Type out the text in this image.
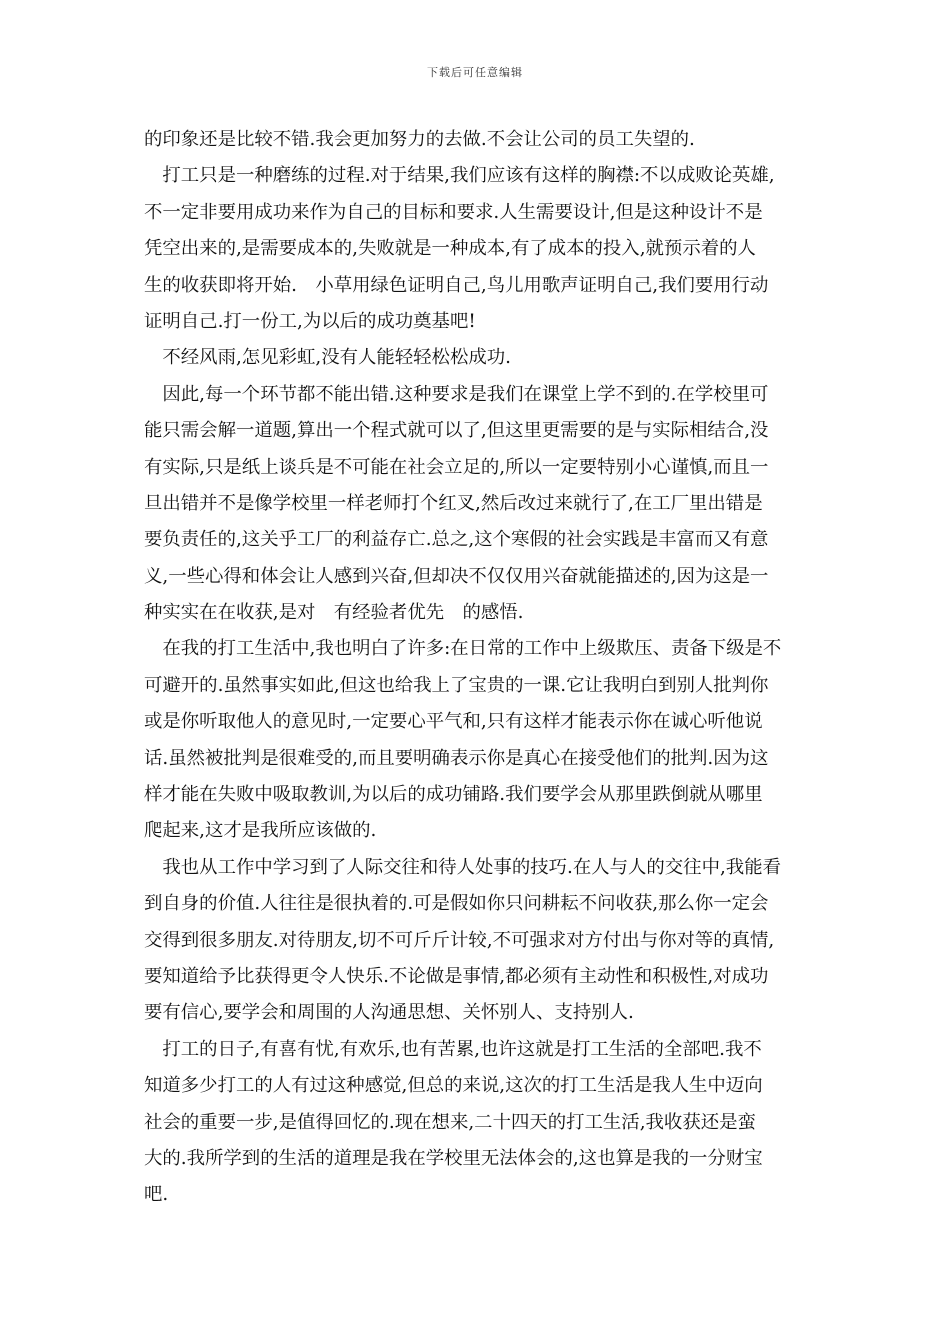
下载后可任意编辑
的印象还是比较不错.我会更加努力的去做.不会让公司的员工失望的.
　打工只是一种磨练的过程.对于结果,我们应该有这样的胸襟:不以成败论英雄,
不一定非要用成功来作为自己的目标和要求.人生需要设计,但是这种设计不是
凭空出来的,是需要成本的,失败就是一种成本,有了成本的投入,就预示着的人
生的收获即将开始.　小草用绿色证明自己,鸟儿用歌声证明自己,我们要用行动
证明自己.打一份工,为以后的成功奠基吧!
　不经风雨,怎见彩虹,没有人能轻轻松松成功.
　因此,每一个环节都不能出错.这种要求是我们在课堂上学不到的.在学校里可
能只需会解一道题,算出一个程式就可以了,但这里更需要的是与实际相结合,没
有实际,只是纸上谈兵是不可能在社会立足的,所以一定要特别小心谨慎,而且一
旦出错并不是像学校里一样老师打个红叉,然后改过来就行了,在工厂里出错是
要负责任的,这关乎工厂的利益存亡.总之,这个寒假的社会实践是丰富而又有意
义,一些心得和体会让人感到兴奋,但却决不仅仅用兴奋就能描述的,因为这是一
种实实在在收获,是对　有经验者优先　的感悟.
　在我的打工生活中,我也明白了许多:在日常的工作中上级欺压、责备下级是不
可避开的.虽然事实如此,但这也给我上了宝贵的一课.它让我明白到别人批判你
或是你听取他人的意见时,一定要心平气和,只有这样才能表示你在诚心听他说
话.虽然被批判是很难受的,而且要明确表示你是真心在接受他们的批判.因为这
样才能在失败中吸取教训,为以后的成功铺路.我们要学会从那里跌倒就从哪里
爬起来,这才是我所应该做的.
　我也从工作中学习到了人际交往和待人处事的技巧.在人与人的交往中,我能看
到自身的价值.人往往是很执着的.可是假如你只问耕耘不问收获,那么你一定会
交得到很多朋友.对待朋友,切不可斤斤计较,不可强求对方付出与你对等的真情,
要知道给予比获得更令人快乐.不论做是事情,都必须有主动性和积极性,对成功
要有信心,要学会和周围的人沟通思想、关怀别人、支持别人.
　打工的日子,有喜有忧,有欢乐,也有苦累,也许这就是打工生活的全部吧.我不
知道多少打工的人有过这种感觉,但总的来说,这次的打工生活是我人生中迈向
社会的重要一步,是值得回忆的.现在想来,二十四天的打工生活,我收获还是蛮
大的.我所学到的生活的道理是我在学校里无法体会的,这也算是我的一分财宝
吧.
